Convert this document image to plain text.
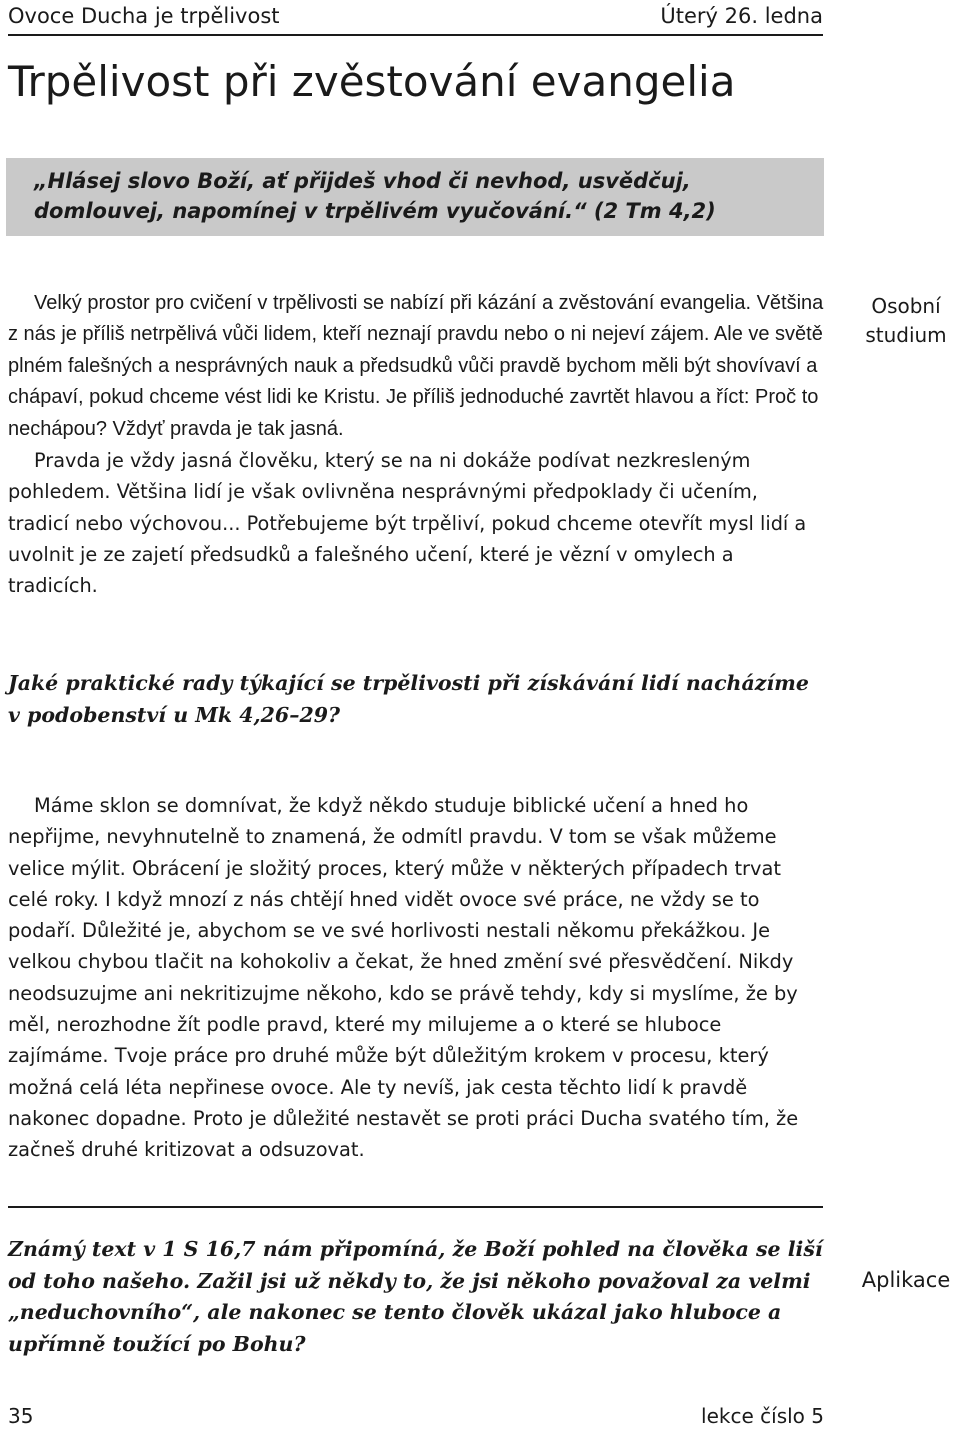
Ovoce Ducha je trpělivost	Úterý 26. ledna
Trpělivost při zvěstování evangelia
„Hlásej slovo Boží, ať přijdeš vhod či nevhod, usvědčuj, domlouvej, napomínej v trpělivém vyučování.“ (2 Tm 4,2)
Osobní studium

Velký prostor pro cvičení v trpělivosti se nabízí při kázání a zvěstování evangelia. Většina z nás je příliš netrpělivá vůči lidem, kteří neznají pravdu nebo o ni nejeví zájem. Ale ve světě plném falešných a nesprávných nauk a předsudků vůči pravdě bychom měli být shovívaví a chápaví, pokud chceme vést lidi ke Kristu. Je příliš jednoduché zavrtět hlavou a říct: Proč to nechápou? Vždyť pravda je tak jasná.

Pravda je vždy jasná člověku, který se na ni dokáže podívat nezkresleným pohledem. Většina lidí je však ovlivněna nesprávnými předpoklady či učením, tradicí nebo výchovou... Potřebujeme být trpěliví, pokud chceme otevřít mysl lidí a uvolnit je ze zajetí předsudků a falešného učení, které je vězní v omylech a tradicích.

Jaké praktické rady týkající se trpělivosti při získávání lidí nacházíme v podobenství u Mk 4,26–29?

Máme sklon se domnívat, že když někdo studuje biblické učení a hned ho nepřijme, nevyhnutelně to znamená, že odmítl pravdu. V tom se však můžeme velice mýlit. Obrácení je složitý proces, který může v některých případech trvat celé roky. I když mnozí z nás chtějí hned vidět ovoce své práce, ne vždy se to podaří. Důležité je, abychom se ve své horlivosti nestali někomu překážkou. Je velkou chybou tlačit na kohokoliv a čekat, že hned změní své přesvědčení. Nikdy neodsuzujme ani nekritizujme někoho, kdo se právě tehdy, kdy si myslíme, že by měl, nerozhodne žít podle pravd, které my milujeme a o které se hluboce zajímáme. Tvoje práce pro druhé může být důležitým krokem v procesu, který možná celá léta nepřinese ovoce. Ale ty nevíš, jak cesta těchto lidí k pravdě nakonec dopadne. Proto je důležité nestavět se proti práci Ducha svatého tím, že začneš druhé kritizovat a odsuzovat.

Aplikace
Známý text v 1 S 16,7 nám připomíná, že Boží pohled na člověka se liší od toho našeho. Zažil jsi už někdy to, že jsi někoho považoval za velmi „neduchovního“, ale nakonec se tento člověk ukázal jako hluboce a upřímně toužící po Bohu?
35	lekce číslo 5
